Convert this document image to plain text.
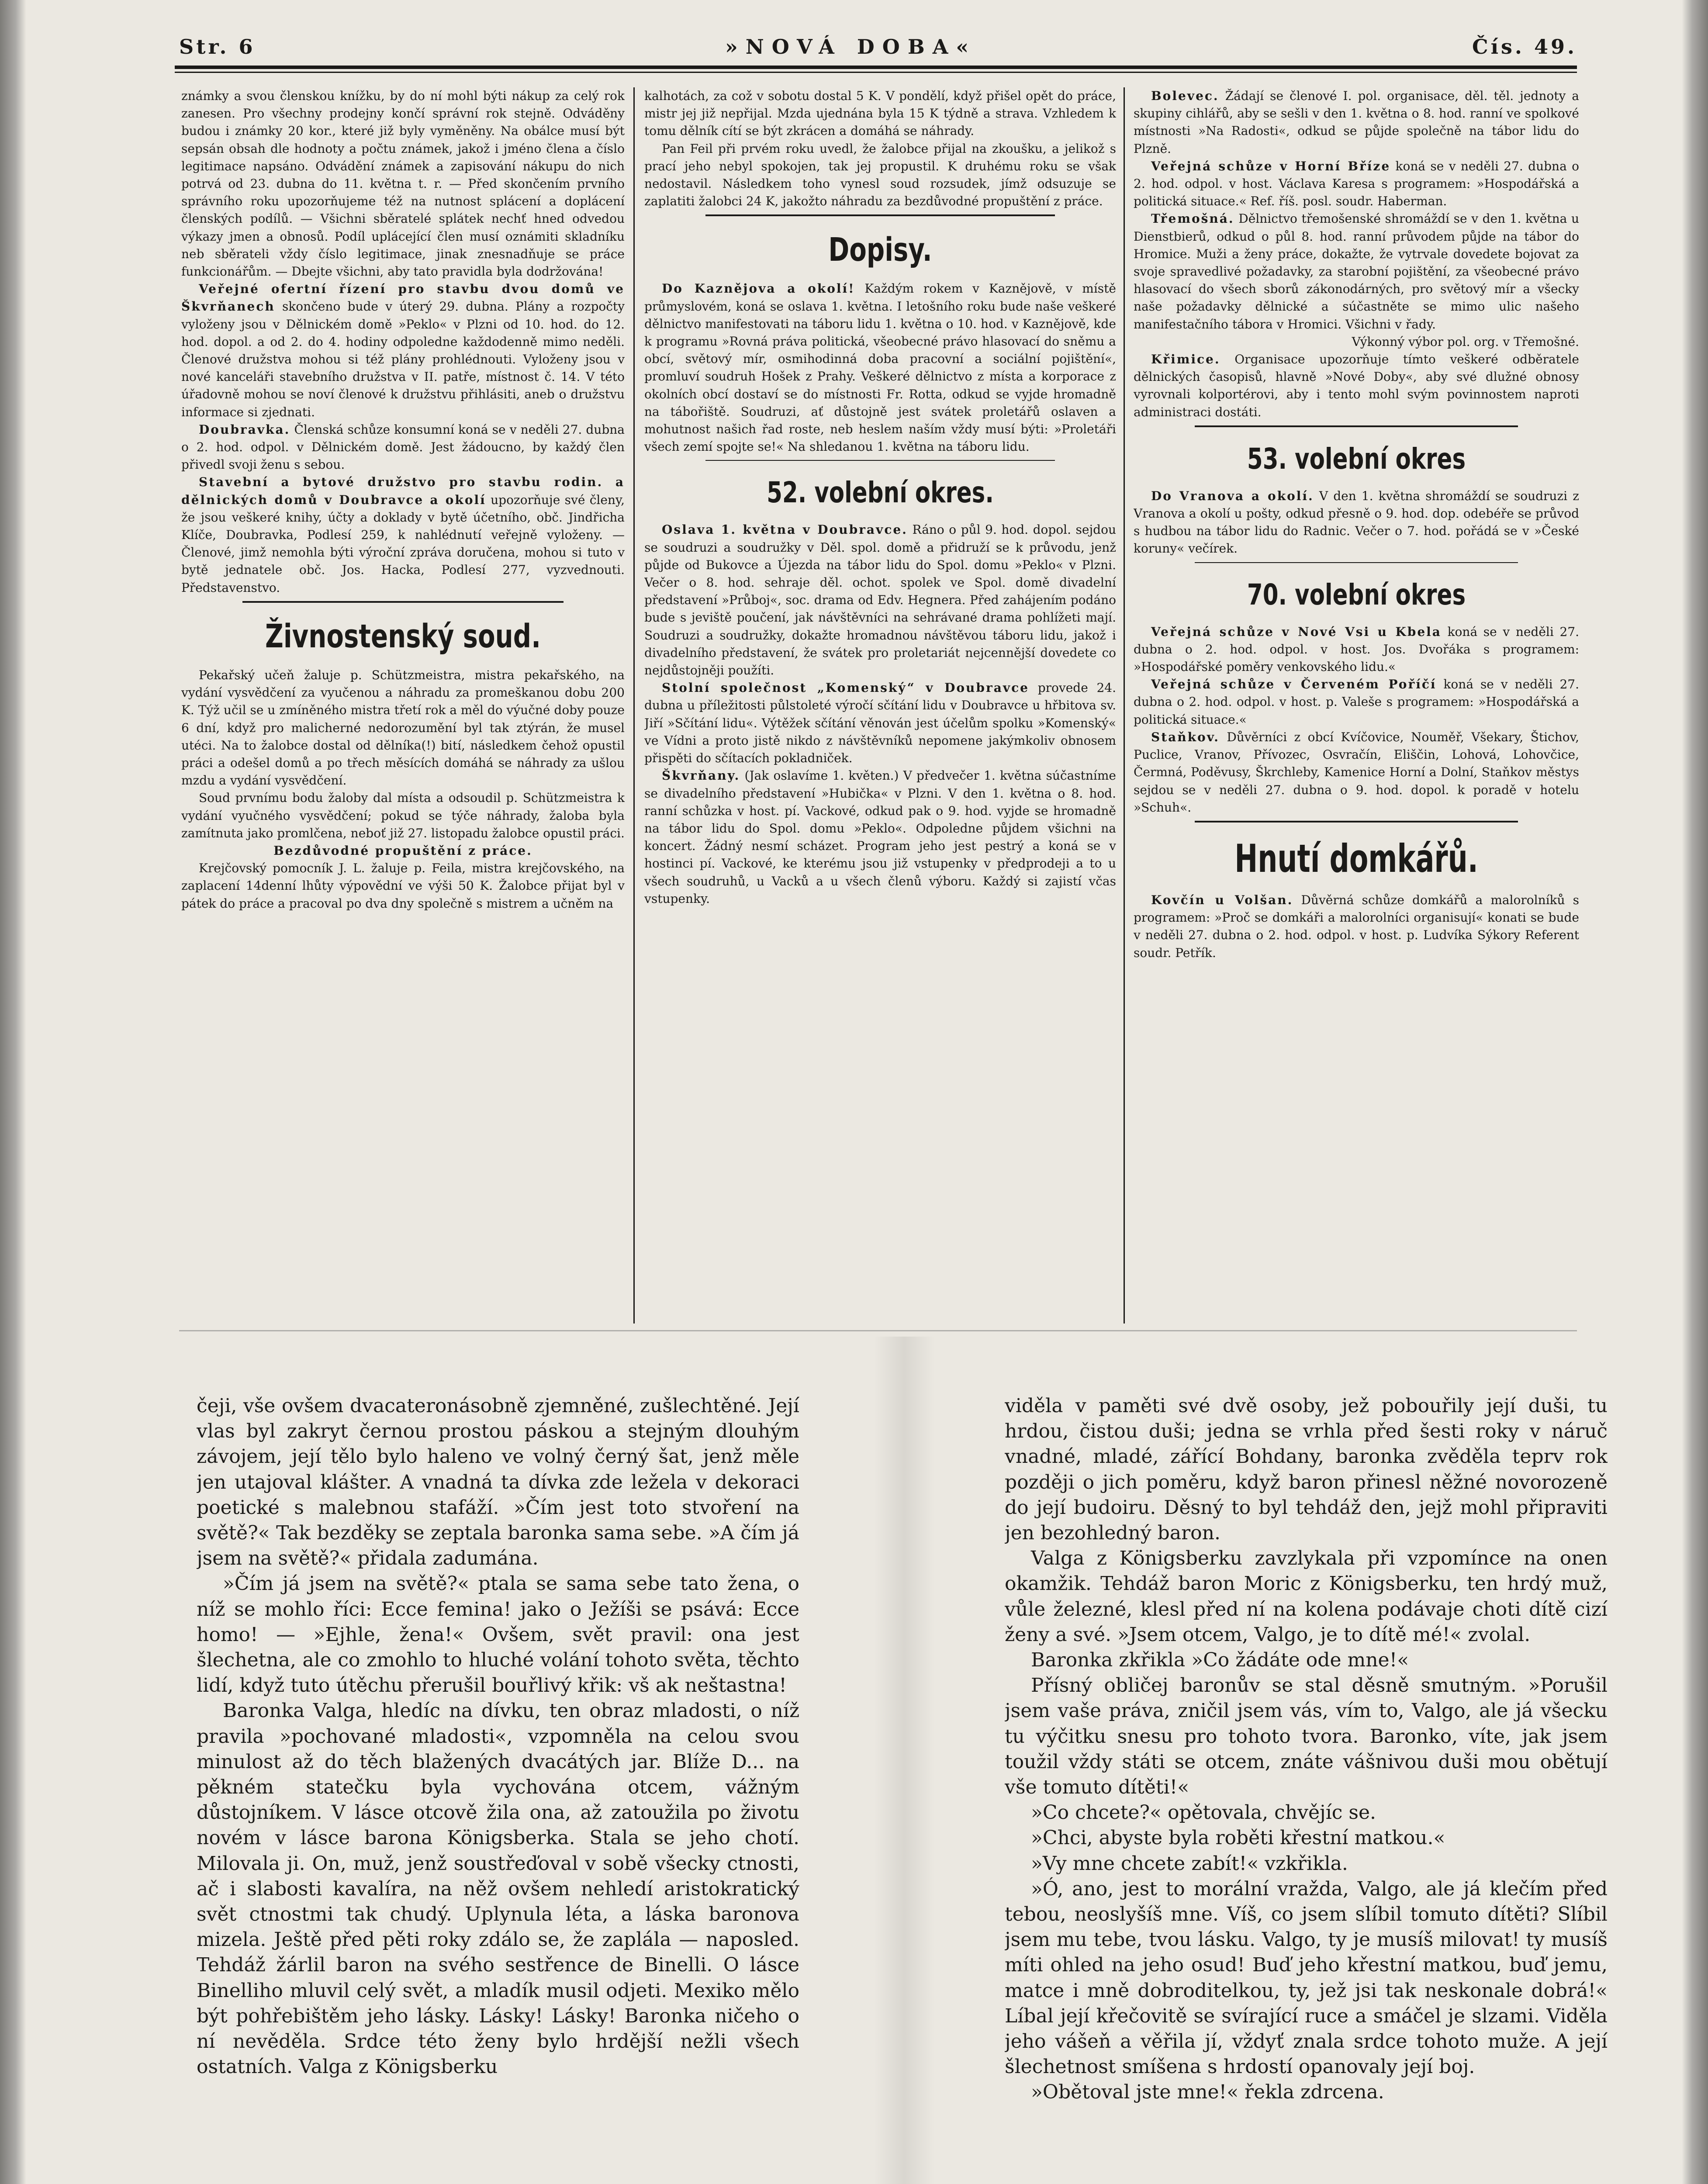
Str. 6	»NOVÁ DOBA«	Čís. 49.

známky a svou členskou knížku, by do ní mohl býti nákup za celý rok zanesen. Pro všechny prodejny končí správní rok stejně. Odváděny budou i známky 20 kor., které již byly vyměněny. Na obálce musí být sepsán obsah dle hodnoty a počtu známek, jakož i jméno člena a číslo legitimace napsáno. Odvádění známek a zapisování nákupu do nich potrvá od 23. dubna do 11. května t. r. — Před skončením prvního správního roku upozorňujeme též na nutnost splácení a doplácení členských podílů. — Všichni sběratelé splátek nechť hned odvedou výkazy jmen a obnosů. Podíl uplácející člen musí oznámiti skladníku neb sběrateli vždy číslo legitimace, jinak znesnadňuje se práce funkcionářům. — Dbejte všichni, aby tato pravidla byla dodržována!

Veřejné ofertní řízení pro stavbu dvou domů ve Škvrňanech skončeno bude v úterý 29. dubna. Plány a rozpočty vyloženy jsou v Dělnickém domě »Peklo« v Plzni od 10. hod. do 12. hod. dopol. a od 2. do 4. hodiny odpoledne každodenně mimo neděli. Členové družstva mohou si též plány prohlédnouti. Vyloženy jsou v nové kanceláři stavebního družstva v II. patře, místnost č. 14. V této úřadovně mohou se noví členové k družstvu přihlásiti, aneb o družstvu informace si zjednati.

Doubravka. Členská schůze konsumní koná se v neděli 27. dubna o 2. hod. odpol. v Dělnickém domě. Jest žádoucno, by každý člen přivedl svoji ženu s sebou.

Stavební a bytové družstvo pro stavbu rodin. a dělnických domů v Doubravce a okolí upozorňuje své členy, že jsou veškeré knihy, účty a doklady v bytě účetního, obč. Jindřicha Klíče, Doubravka, Podlesí 259, k nahlédnutí veřejně vyloženy. — Členové, jimž nemohla býti výroční zpráva doručena, mohou si tuto v bytě jednatele obč. Jos. Hacka, Podlesí 277, vyzvednouti. Představenstvo.

Živnostenský soud.

Pekařský učeň žaluje p. Schützmeistra, mistra pekařského, na vydání vysvědčení za vyučenou a náhradu za promeškanou dobu 200 K. Týž učil se u zmíněného mistra třetí rok a měl do výučné doby pouze 6 dní, když pro malicherné nedorozumění byl tak ztýrán, že musel utéci. Na to žalobce dostal od dělníka(!) bití, následkem čehož opustil práci a odešel domů a po třech měsících domáhá se náhrady za ušlou mzdu a vydání vysvědčení.

Soud prvnímu bodu žaloby dal místa a odsoudil p. Schützmeistra k vydání vyučného vysvědčení; pokud se týče náhrady, žaloba byla zamítnuta jako promlčena, neboť již 27. listopadu žalobce opustil práci.

Bezdůvodné propuštění z práce.

Krejčovský pomocník J. L. žaluje p. Feila, mistra krejčovského, na zaplacení 14denní lhůty výpovědní ve výši 50 K. Žalobce přijat byl v pátek do práce a pracoval po dva dny společně s mistrem a učněm na

kalhotách, za což v sobotu dostal 5 K. V pondělí, když přišel opět do práce, mistr jej již nepřijal. Mzda ujednána byla 15 K týdně a strava. Vzhledem k tomu dělník cítí se být zkrácen a domáhá se náhrady.

Pan Feil při prvém roku uvedl, že žalobce přijal na zkoušku, a jelikož s prací jeho nebyl spokojen, tak jej propustil. K druhému roku se však nedostavil. Následkem toho vynesl soud rozsudek, jímž odsuzuje se zaplatiti žalobci 24 K, jakožto náhradu za bezdůvodné propuštění z práce.

Dopisy.

Do Kaznějova a okolí! Každým rokem v Kaznějově, v místě průmyslovém, koná se oslava 1. května. I letošního roku bude naše veškeré dělnictvo manifestovati na táboru lidu 1. května o 10. hod. v Kaznějově, kde k programu »Rovná práva politická, všeobecné právo hlasovací do sněmu a obcí, světový mír, osmihodinná doba pracovní a sociální pojištění«, promluví soudruh Hošek z Prahy. Veškeré dělnictvo z místa a korporace z okolních obcí dostaví se do místnosti Fr. Rotta, odkud se vyjde hromadně na tábořiště. Soudruzi, ať důstojně jest svátek proletářů oslaven a mohutnost našich řad roste, neb heslem naším vždy musí býti: »Proletáři všech zemí spojte se!« Na shledanou 1. května na táboru lidu.

52. volební okres.

Oslava 1. května v Doubravce. Ráno o půl 9. hod. dopol. sejdou se soudruzi a soudružky v Děl. spol. domě a přidruží se k průvodu, jenž půjde od Bukovce a Újezda na tábor lidu do Spol. domu »Peklo« v Plzni. Večer o 8. hod. sehraje děl. ochot. spolek ve Spol. domě divadelní představení »Průboj«, soc. drama od Edv. Hegnera. Před zahájením podáno bude s jeviště poučení, jak návštěvníci na sehrávané drama pohlížeti mají. Soudruzi a soudružky, dokažte hromadnou návštěvou táboru lidu, jakož i divadelního představení, že svátek pro proletariát nejcennější dovedete co nejdůstojněji použíti.

Stolní společnost „Komenský“ v Doubravce provede 24. dubna u příležitosti půlstoleté výročí sčítání lidu v Doubravce u hřbitova sv. Jiří »Sčítání lidu«. Výtěžek sčítání věnován jest účelům spolku »Komenský« ve Vídni a proto jistě nikdo z návštěvníků nepomene jakýmkoliv obnosem přispěti do sčítacích pokladniček.

Škvrňany. (Jak oslavíme 1. květen.) V předvečer 1. května súčastníme se divadelního představení »Hubička« v Plzni. V den 1. května o 8. hod. ranní schůzka v host. pí. Vackové, odkud pak o 9. hod. vyjde se hromadně na tábor lidu do Spol. domu »Peklo«. Odpoledne půjdem všichni na koncert. Žádný nesmí scházet. Program jeho jest pestrý a koná se v hostinci pí. Vackové, ke kterému jsou již vstupenky v předprodeji a to u všech soudruhů, u Vacků a u všech členů výboru. Každý si zajistí včas vstupenky.

Bolevec. Žádají se členové I. pol. organisace, děl. těl. jednoty a skupiny cihlářů, aby se sešli v den 1. května o 8. hod. ranní ve spolkové místnosti »Na Radosti«, odkud se půjde společně na tábor lidu do Plzně.

Veřejná schůze v Horní Bříze koná se v neděli 27. dubna o 2. hod. odpol. v host. Václava Karesa s programem: »Hospodářská a politická situace.« Ref. říš. posl. soudr. Haberman.

Třemošná. Dělnictvo třemošenské shromáždí se v den 1. května u Dienstbierů, odkud o půl 8. hod. ranní průvodem půjde na tábor do Hromice. Muži a ženy práce, dokažte, že vytrvale dovedete bojovat za svoje spravedlivé požadavky, za starobní pojištění, za všeobecné právo hlasovací do všech sborů zákonodárných, pro světový mír a všecky naše požadavky dělnické a súčastněte se mimo ulic našeho manifestačního tábora v Hromici. Všichni v řady.

Výkonný výbor pol. org. v Třemošné.

Křimice. Organisace upozorňuje tímto veškeré odběratele dělnických časopisů, hlavně »Nové Doby«, aby své dlužné obnosy vyrovnali kolportérovi, aby i tento mohl svým povinnostem naproti administraci dostáti.

53. volební okres

Do Vranova a okolí. V den 1. května shromáždí se soudruzi z Vranova a okolí u pošty, odkud přesně o 9. hod. dop. odebéře se průvod s hudbou na tábor lidu do Radnic. Večer o 7. hod. pořádá se v »České koruny« večírek.

70. volební okres

Veřejná schůze v Nové Vsi u Kbela koná se v neděli 27. dubna o 2. hod. odpol. v host. Jos. Dvořáka s programem: »Hospodářské poměry venkovského lidu.«

Veřejná schůze v Červeném Poříčí koná se v neděli 27. dubna o 2. hod. odpol. v host. p. Valeše s programem: »Hospodářská a politická situace.«

Staňkov. Důvěrníci z obcí Kvíčovice, Nouměř, Všekary, Štichov, Puclice, Vranov, Přívozec, Osvračín, Eliščin, Lohová, Lohovčice, Čermná, Poděvusy, Škrchleby, Kamenice Horní a Dolní, Staňkov městys sejdou se v neděli 27. dubna o 9. hod. dopol. k poradě v hotelu »Schuh«.

Hnutí domkářů.

Kovčín u Volšan. Důvěrná schůze domkářů a malorolníků s programem: »Proč se domkáři a malorolníci organisují« konati se bude v neděli 27. dubna o 2. hod. odpol. v host. p. Ludvíka Sýkory Referent soudr. Petřík.

čeji, vše ovšem dvacateronásobně zjemněné, zušlechtěné. Její vlas byl zakryt černou prostou páskou a stejným dlouhým závojem, její tělo bylo haleno ve volný černý šat, jenž měle jen utajoval klášter. A vnadná ta dívka zde ležela v dekoraci poetické s malebnou stafáží. »Čím jest toto stvoření na světě?« Tak bezděky se zeptala baronka sama sebe. »A čím já jsem na světě?« přidala zadumána.

»Čím já jsem na světě?« ptala se sama sebe tato žena, o níž se mohlo říci: Ecce femina! jako o Ježíši se psává: Ecce homo! — »Ejhle, žena!« Ovšem, svět pravil: ona jest šlechetna, ale co zmohlo to hluché volání tohoto světa, těchto lidí, když tuto útěchu přerušil bouřlivý křik: vš ak neštastna!

Baronka Valga, hledíc na dívku, ten obraz mladosti, o níž pravila »pochované mladosti«, vzpomněla na celou svou minulost až do těch blažených dvacátých jar. Blíže D... na pěkném statečku byla vychována otcem, vážným důstojníkem. V lásce otcově žila ona, až zatoužila po životu novém v lásce barona Königsberka. Stala se jeho chotí. Milovala ji. On, muž, jenž soustřeďoval v sobě všecky ctnosti, ač i slabosti kavalíra, na něž ovšem nehledí aristokratický svět ctnostmi tak chudý. Uplynula léta, a láska baronova mizela. Ještě před pěti roky zdálo se, že zaplála — naposled. Tehdáž žárlil baron na svého sestřence de Binelli. O lásce Binelliho mluvil celý svět, a mladík musil odjeti. Mexiko mělo být pohřebištěm jeho lásky. Lásky! Lásky! Baronka ničeho o ní nevěděla. Srdce této ženy bylo hrdější nežli všech ostatních. Valga z Königsberku

viděla v paměti své dvě osoby, jež pobouřily její duši, tu hrdou, čistou duši; jedna se vrhla před šesti roky v náruč vnadné, mladé, zářící Bohdany, baronka zvěděla teprv rok později o jich poměru, když baron přinesl něžné novorozeně do její budoiru. Děsný to byl tehdáž den, jejž mohl připraviti jen bezohledný baron.

Valga z Königsberku zavzlykala při vzpomínce na onen okamžik. Tehdáž baron Moric z Königsberku, ten hrdý muž, vůle železné, klesl před ní na kolena podávaje choti dítě cizí ženy a své. »Jsem otcem, Valgo, je to dítě mé!« zvolal.

Baronka zkřikla »Co žádáte ode mne!«

Přísný obličej baronův se stal děsně smutným. »Porušil jsem vaše práva, zničil jsem vás, vím to, Valgo, ale já všecku tu výčitku snesu pro tohoto tvora. Baronko, víte, jak jsem toužil vždy státi se otcem, znáte vášnivou duši mou obětují vše tomuto dítěti!«

»Co chcete?« opětovala, chvějíc se.

»Chci, abyste byla roběti křestní matkou.«

»Vy mne chcete zabít!« vzkřikla.

»Ó, ano, jest to morální vražda, Valgo, ale já klečím před tebou, neoslyšíš mne. Víš, co jsem slíbil tomuto dítěti? Slíbil jsem mu tebe, tvou lásku. Valgo, ty je musíš milovat! ty musíš míti ohled na jeho osud! Buď jeho křestní matkou, buď jemu, matce i mně dobroditelkou, ty, jež jsi tak neskonale dobrá!« Líbal její křečovitě se svírající ruce a smáčel je slzami. Viděla jeho vášeň a věřila jí, vždyť znala srdce tohoto muže. A její šlechetnost smíšena s hrdostí opanovaly její boj.

»Obětoval jste mne!« řekla zdrcena.
